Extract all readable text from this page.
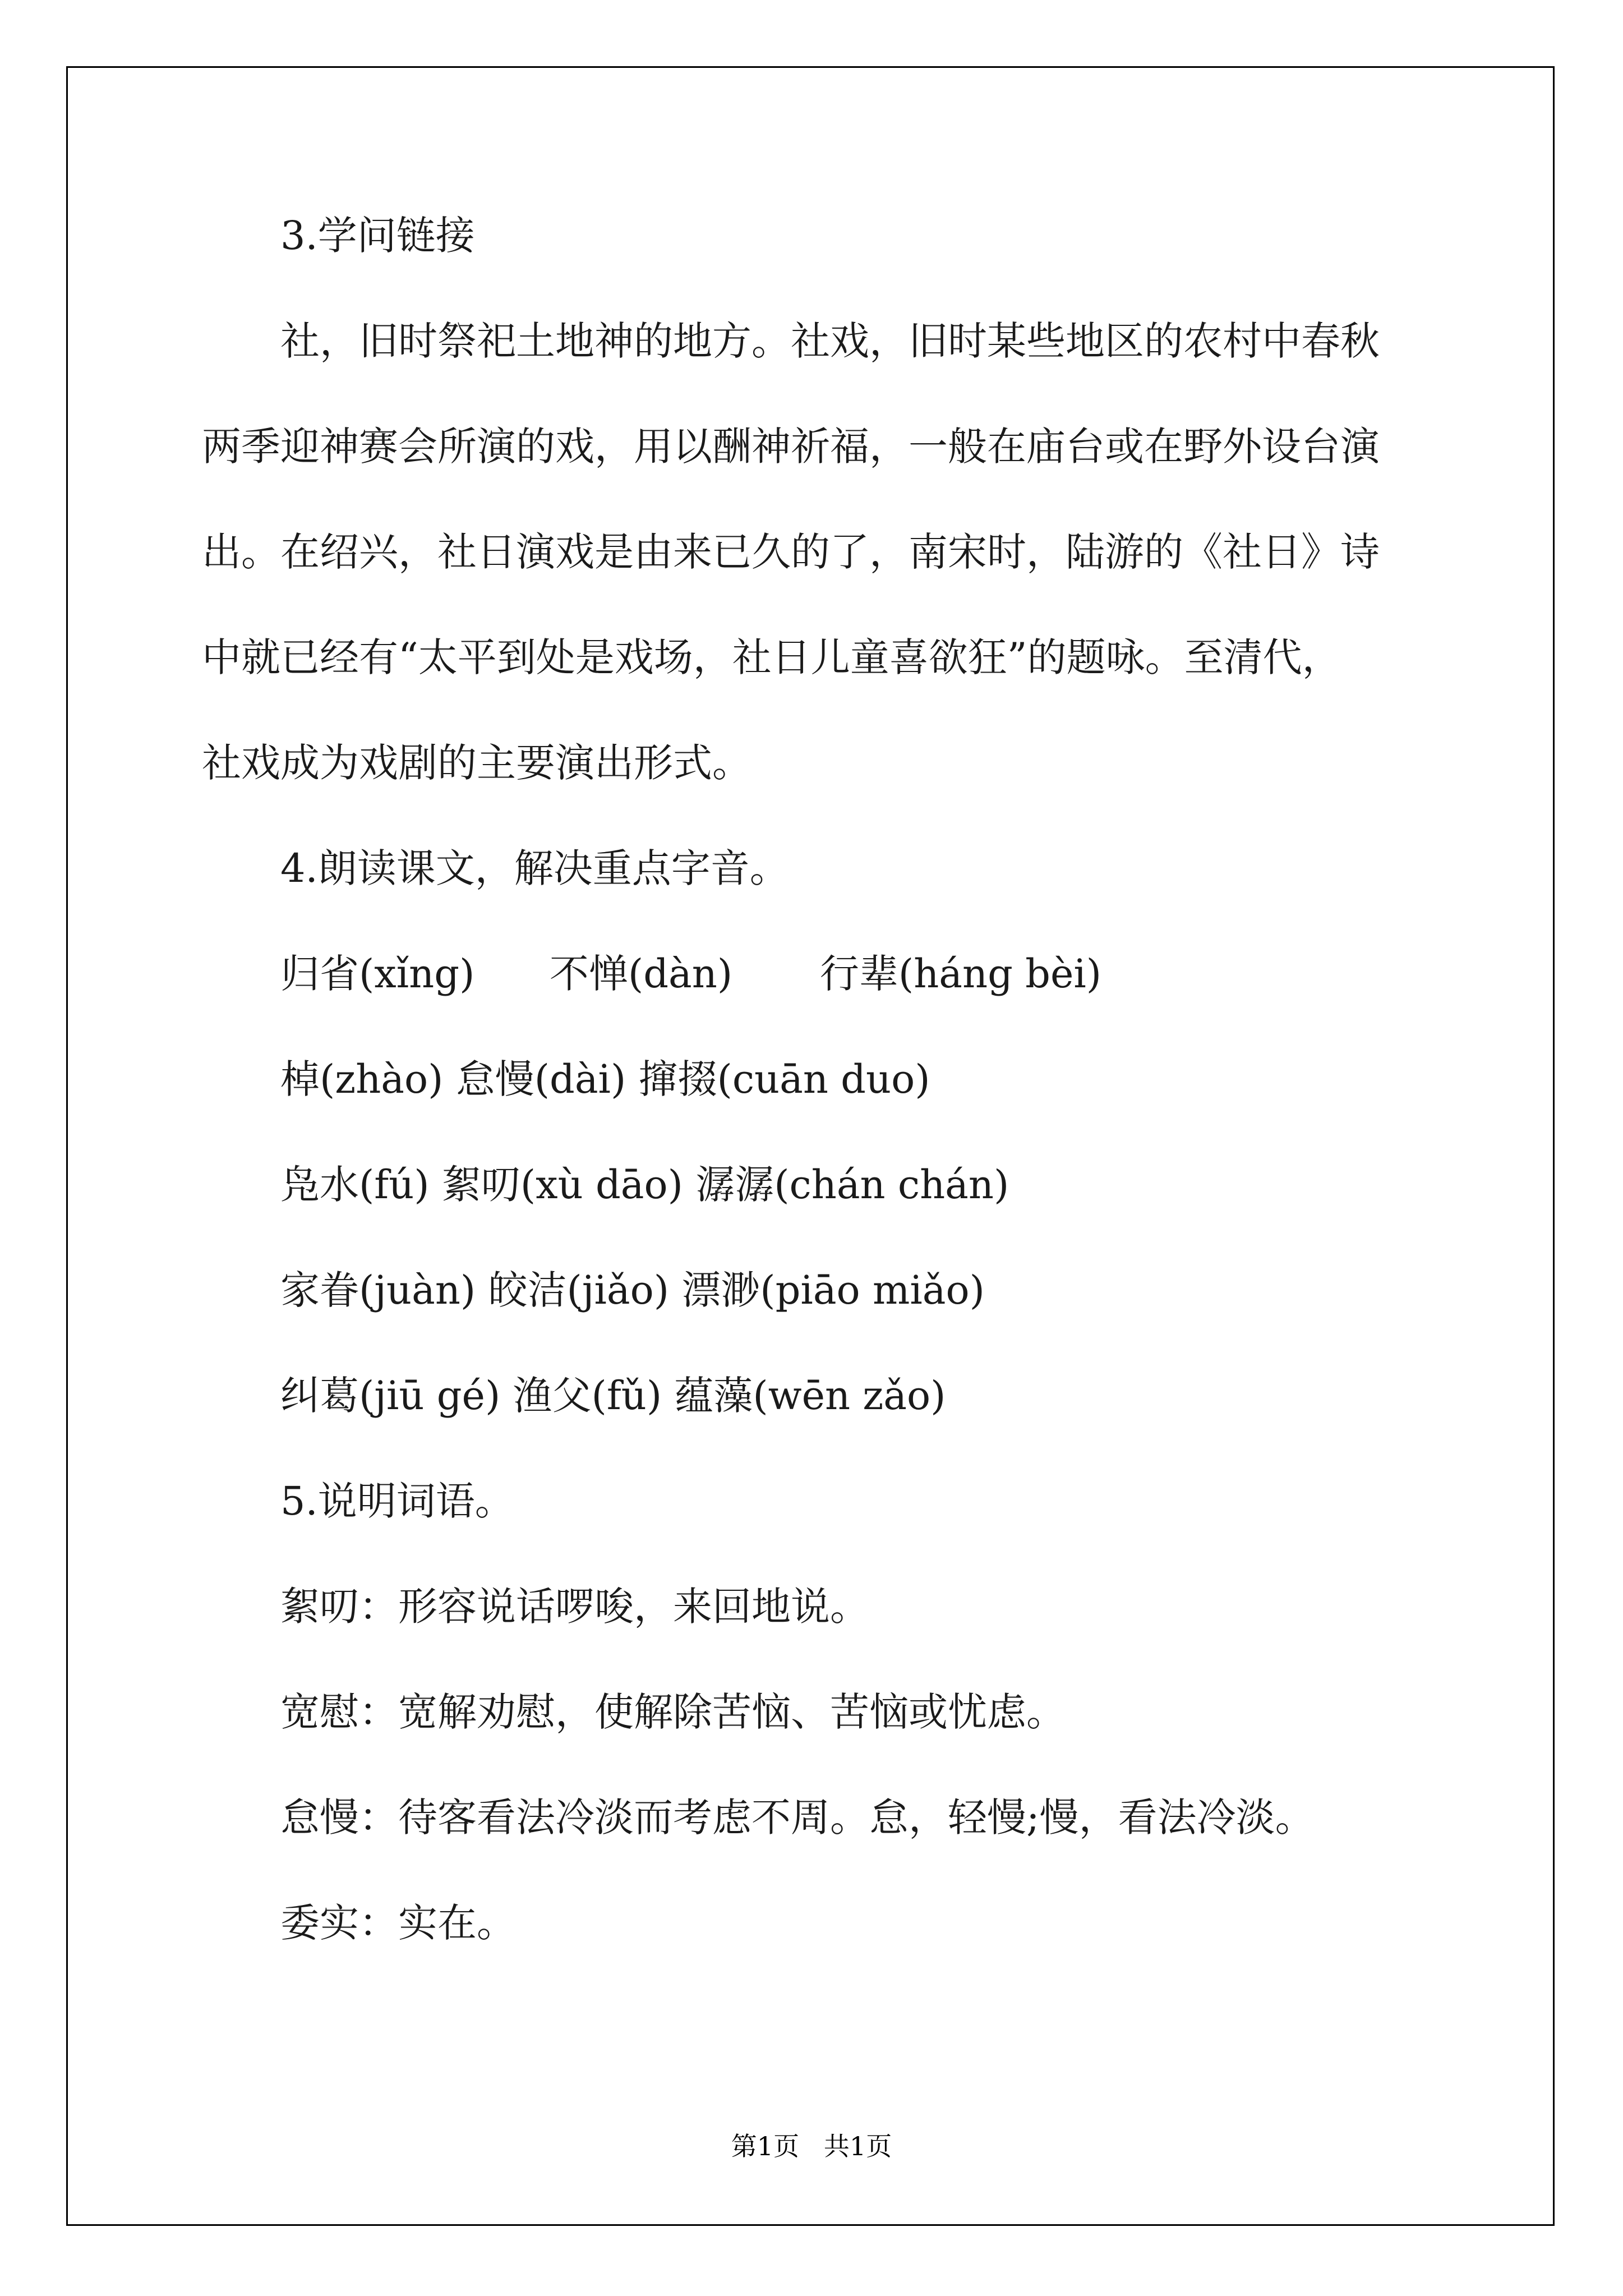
3.学问链接
社，旧时祭祀土地神的地方。社戏，旧时某些地区的农村中春秋
两季迎神赛会所演的戏，用以酬神祈福，一般在庙台或在野外设台演
出。在绍兴，社日演戏是由来已久的了，南宋时，陆游的《社日》诗
中就已经有“太平到处是戏场，社日儿童喜欲狂”的题咏。至清代，
社戏成为戏剧的主要演出形式。
4.朗读课文，解决重点字音。
归省(xǐng)      不惮(dàn)       行辈(háng bèi)
棹(zhào) 怠慢(dài) 撺掇(cuān duo)
凫水(fú) 絮叨(xù dāo) 潺潺(chán chán)
家眷(juàn) 皎洁(jiǎo) 漂渺(piāo miǎo)
纠葛(jiū gé) 渔父(fǔ) 蕴藻(wēn zǎo)
5.说明词语。
絮叨：形容说话啰唆，来回地说。
宽慰：宽解劝慰，使解除苦恼、苦恼或忧虑。
怠慢：待客看法冷淡而考虑不周。怠，轻慢;慢，看法冷淡。
委实：实在。
第1页   共1页
